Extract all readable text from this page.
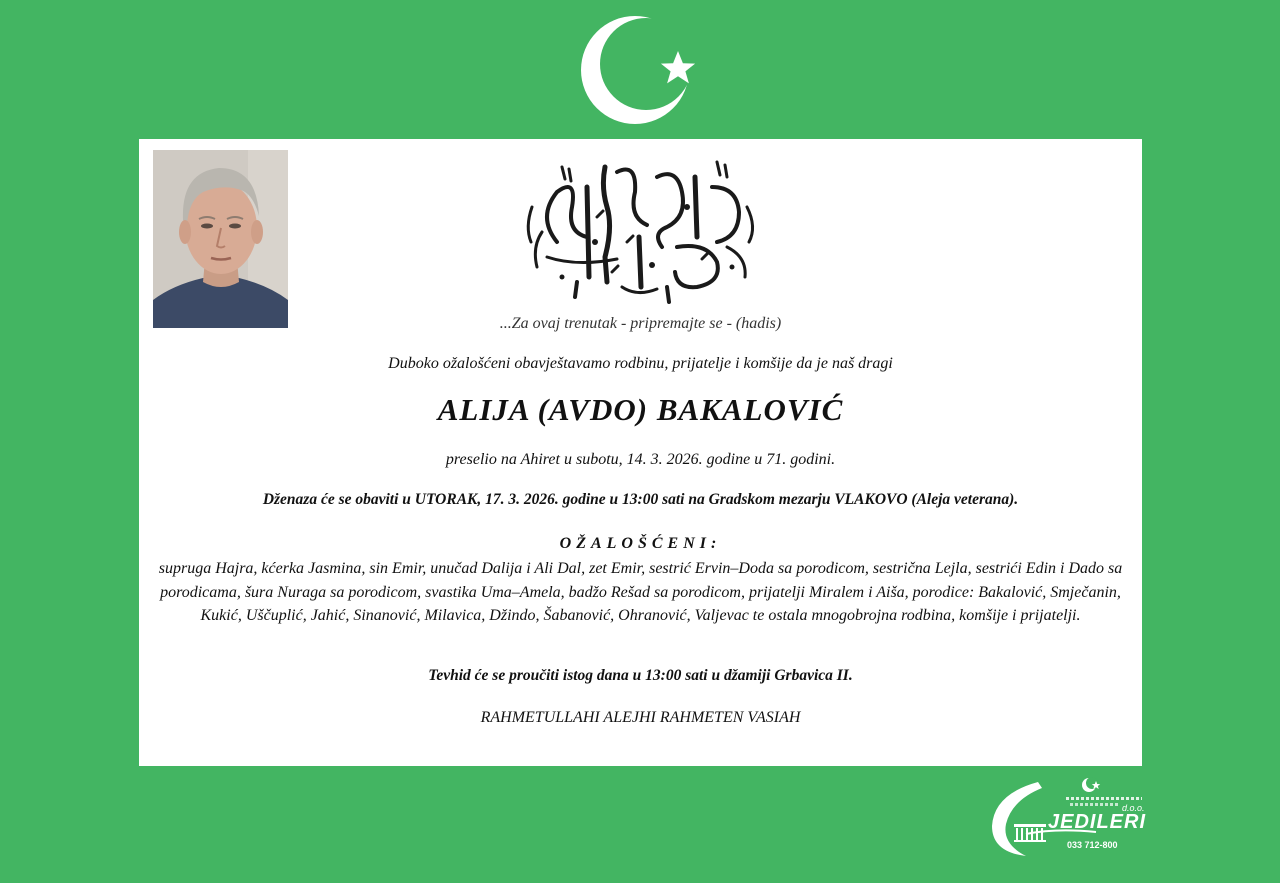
...Za ovaj trenutak - pripremajte se - (hadis)
Duboko ožalošćeni obavještavamo rodbinu, prijatelje i komšije da je naš dragi
ALIJA (AVDO) BAKALOVIĆ
preselio na Ahiret u subotu, 14. 3. 2026. godine u 71. godini.
Dženaza će se obaviti u UTORAK, 17. 3. 2026. godine u 13:00 sati na Gradskom mezarju VLAKOVO (Aleja veterana).
OŽALOŠĆENI:
supruga Hajra, kćerka Jasmina, sin Emir, unučad Dalija i Ali Dal, zet Emir, sestrić Ervin–Doda sa porodicom, sestrična Lejla, sestrići Edin i Dado sa porodicama, šura Nuraga sa porodicom, svastika Uma–Amela, badžo Rešad sa porodicom, prijatelji Miralem i Aiša, porodice: Bakalović, Smječanin, Kukić, Uščuplić, Jahić, Sinanović, Milavica, Džindo, Šabanović, Ohranović, Valjevac te ostala mnogobrojna rodbina, komšije i prijatelji.
Tevhid će se proučiti istog dana u 13:00 sati u džamiji Grbavica II.
RAHMETULLAHI ALEJHI RAHMETEN VASIAH
d.o.o.
JEDILERI
033 712-800
